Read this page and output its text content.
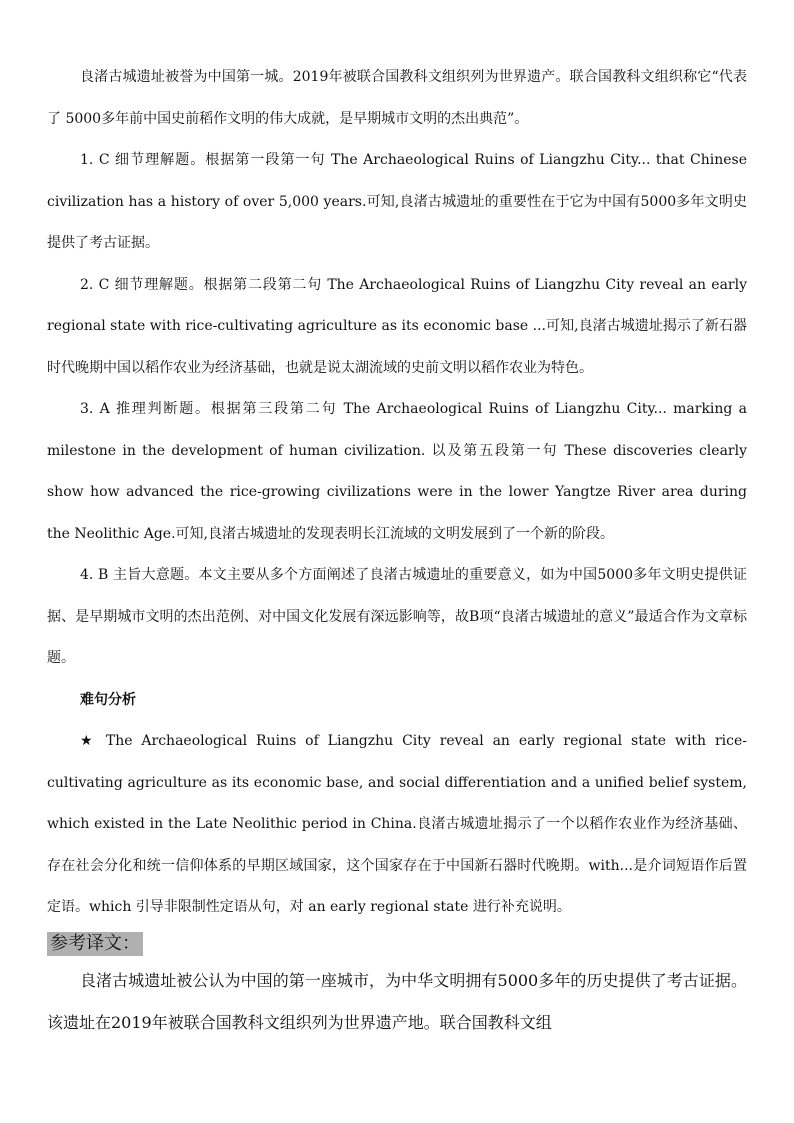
良渚古城遗址被誉为中国第一城。2019年被联合国教科文组织列为世界遗产。联合国教科文组织称它“代表了 5000多年前中国史前稻作文明的伟大成就，是早期城市文明的杰出典范”。

1. C 细节理解题。根据第一段第一句 The Archaeological Ruins of Liangzhu City... that Chinese civilization has a history of over 5,000 years.可知,良渚古城遗址的重要性在于它为中国有5000多年文明史提供了考古证据。

2. C 细节理解题。根据第二段第二句 The Archaeological Ruins of Liangzhu City reveal an early regional state with rice-cultivating agriculture as its economic base ...可知,良渚古城遗址揭示了新石器时代晚期中国以稻作农业为经济基础，也就是说太湖流域的史前文明以稻作农业为特色。

3. A 推理判断题。根据第三段第二句 The Archaeological Ruins of Liangzhu City... marking a milestone in the development of human civilization. 以及第五段第一句 These discoveries clearly show how advanced the rice-growing civilizations were in the lower Yangtze River area during the Neolithic Age.可知,良渚古城遗址的发现表明长江流域的文明发展到了一个新的阶段。

4. B 主旨大意题。本文主要从多个方面阐述了良渚古城遗址的重要意义，如为中国5000多年文明史提供证据、是早期城市文明的杰出范例、对中国文化发展有深远影响等，故B项“良渚古城遗址的意义”最适合作为文章标题。

难句分析

★ The Archaeological Ruins of Liangzhu City reveal an early regional state with rice-cultivating agriculture as its economic base, and social differentiation and a unified belief system, which existed in the Late Neolithic period in China.良渚古城遗址揭示了一个以稻作农业作为经济基础、存在社会分化和统一信仰体系的早期区域国家，这个国家存在于中国新石器时代晚期。with...是介词短语作后置定语。which 引导非限制性定语从句，对 an early regional state 进行补充说明。

参考译文：

良渚古城遗址被公认为中国的第一座城市，为中华文明拥有5000多年的历史提供了考古证据。该遗址在2019年被联合国教科文组织列为世界遗产地。联合国教科文组
